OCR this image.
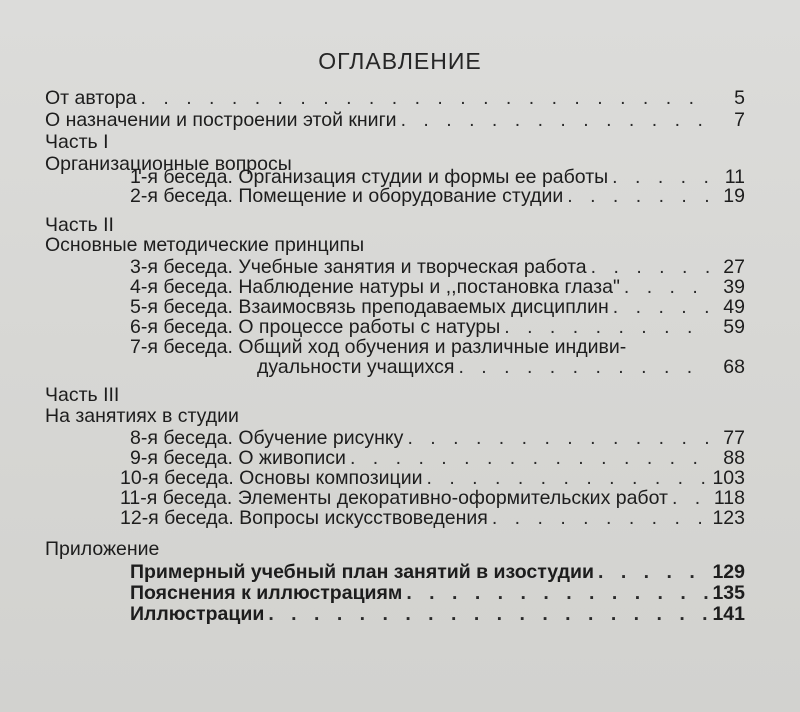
ОГЛАВЛЕНИЕ
От автора . . .	5
О назначении и построении этой книги . . .	7
Часть I
Организационные вопросы
1-я беседа. Организация студии и формы ее работы . . .	11
2-я беседа. Помещение и оборудование студии . . .	19
Часть II
Основные методические принципы
3-я беседа. Учебные занятия и творческая работа . . .	27
4-я беседа. Наблюдение натуры и ,,постановка глаза" . . .	39
5-я беседа. Взаимосвязь преподаваемых дисциплин . . .	49
6-я беседа. О процессе работы с натуры . . .	59
7-я беседа. Общий ход обучения и различные индиви-
дуальности учащихся . . .	68
Часть III
На занятиях в студии
8-я беседа. Обучение рисунку . . .	77
9-я беседа. О живописи . . .	88
10-я беседа. Основы композиции . . .	103
11-я беседа. Элементы декоративно-оформительских работ . . . 118
12-я беседа. Вопросы искусствоведения . . .	123
Приложение
Примерный учебный план занятий в изостудии . . .	129
Пояснения к иллюстрациям . . .	135
Иллюстрации . . .	141
